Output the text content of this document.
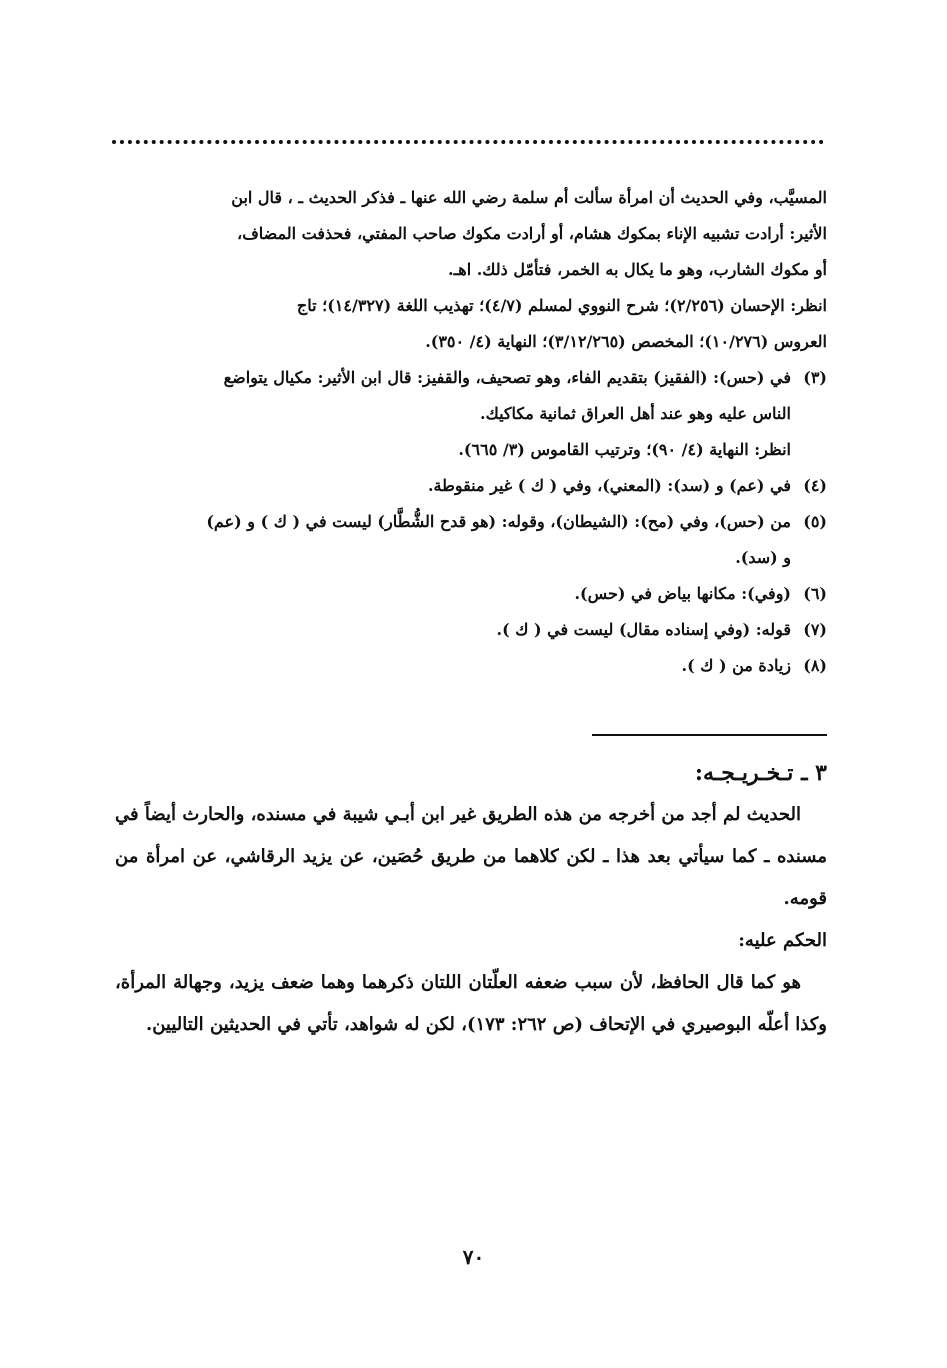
المسيَّب، وفي الحديث أن امرأة سألت أم سلمة رضي الله عنها ـ فذكر الحديث ـ ، قال ابن

الأثير: أرادت تشبيه الإناء بمكوك هشام، أو أرادت مكوك صاحب المفتي، فحذفت المضاف،

أو مكوك الشارب، وهو ما يكال به الخمر، فتأمّل ذلك. اهـ.

انظر: الإحسان (٢/٢٥٦)؛ شرح النووي لمسلم (٤/٧)؛ تهذيب اللغة (١٤/٣٢٧)؛ تاج

العروس (١٠/٢٧٦)؛ المخصص (٣/١٢/٢٦٥)؛ النهاية (٤/ ٣٥٠).

(٣)

في (حس): (الفقيز) بتقديم الفاء، وهو تصحيف، والقفيز: قال ابن الأثير: مكيال يتواضع

الناس عليه وهو عند أهل العراق ثمانية مكاكيك.

انظر: النهاية (٤/ ٩٠)؛ وترتيب القاموس (٣/ ٦٦٥).

(٤)

في (عم) و (سد): (المعني)، وفي ( ك ) غير منقوطة.

(٥)

من (حس)، وفي (مح): (الشيطان)، وقوله: (هو قدح الشُّطَّار) ليست في ( ك ) و (عم)

و (سد).

(٦)

(وفي): مكانها بياض في (حس).

(٧)

قوله: (وفي إسناده مقال) ليست في ( ك ).

(٨)

زيادة من ( ك ).

٣ ـ تـخـريـجـه:

الحديث لم أجد من أخرجه من هذه الطريق غير ابن أبـي شيبة في مسنده، والحارث أيضاً في مسنده ـ كما سيأتي بعد هذا ـ لكن كلاهما من طريق حُصَين، عن يزيد الرقاشي، عن امرأة من قومه.

الحكم عليه:

هو كما قال الحافظ، لأن سبب ضعفه العلّتان اللتان ذكرهما وهما ضعف يزيد، وجهالة المرأة، وكذا أعلّه البوصيري في الإتحاف (ص ٢٦٢: ١٧٣)، لكن له شواهد، تأتي في الحديثين التاليين.

٧٠
